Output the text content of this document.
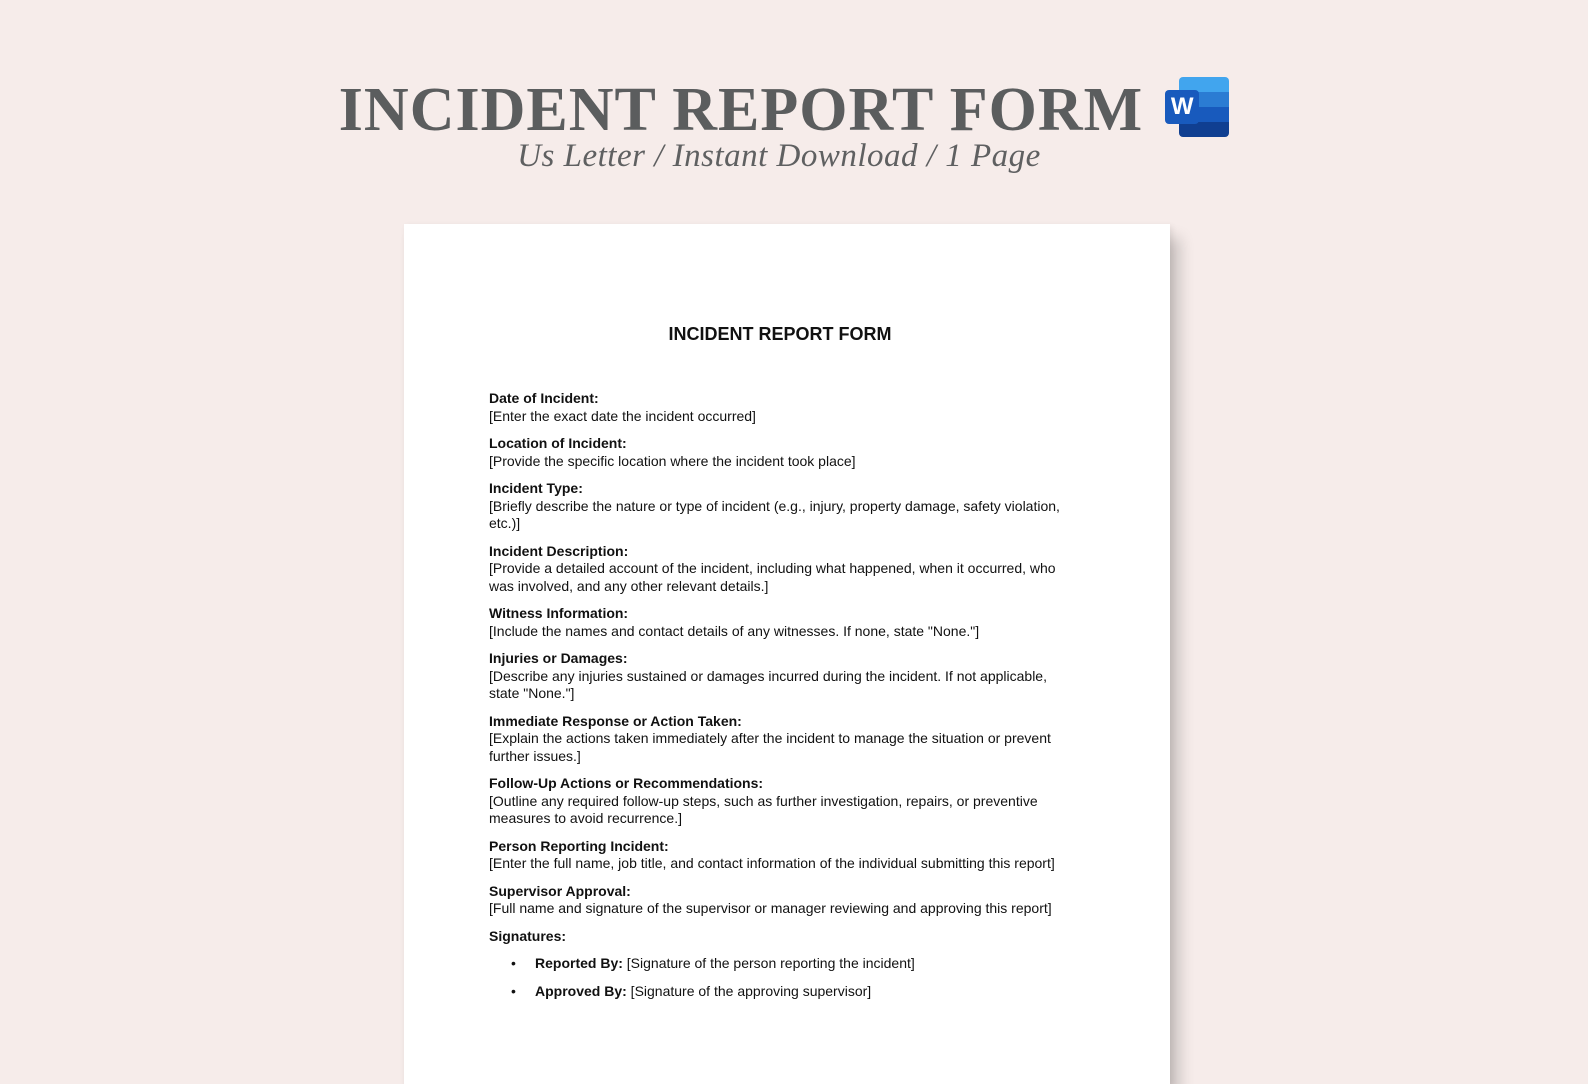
INCIDENT REPORT FORM W
Us Letter / Instant Download / 1 Page
INCIDENT REPORT FORM
Date of Incident:
[Enter the exact date the incident occurred]
Location of Incident:
[Provide the specific location where the incident took place]
Incident Type:
[Briefly describe the nature or type of incident (e.g., injury, property damage, safety violation, etc.)]
Incident Description:
[Provide a detailed account of the incident, including what happened, when it occurred, who was involved, and any other relevant details.]
Witness Information:
[Include the names and contact details of any witnesses. If none, state "None."]
Injuries or Damages:
[Describe any injuries sustained or damages incurred during the incident. If not applicable, state "None."]
Immediate Response or Action Taken:
[Explain the actions taken immediately after the incident to manage the situation or prevent further issues.]
Follow-Up Actions or Recommendations:
[Outline any required follow-up steps, such as further investigation, repairs, or preventive measures to avoid recurrence.]
Person Reporting Incident:
[Enter the full name, job title, and contact information of the individual submitting this report]
Supervisor Approval:
[Full name and signature of the supervisor or manager reviewing and approving this report]
Signatures:
• Reported By: [Signature of the person reporting the incident]
• Approved By: [Signature of the approving supervisor]
